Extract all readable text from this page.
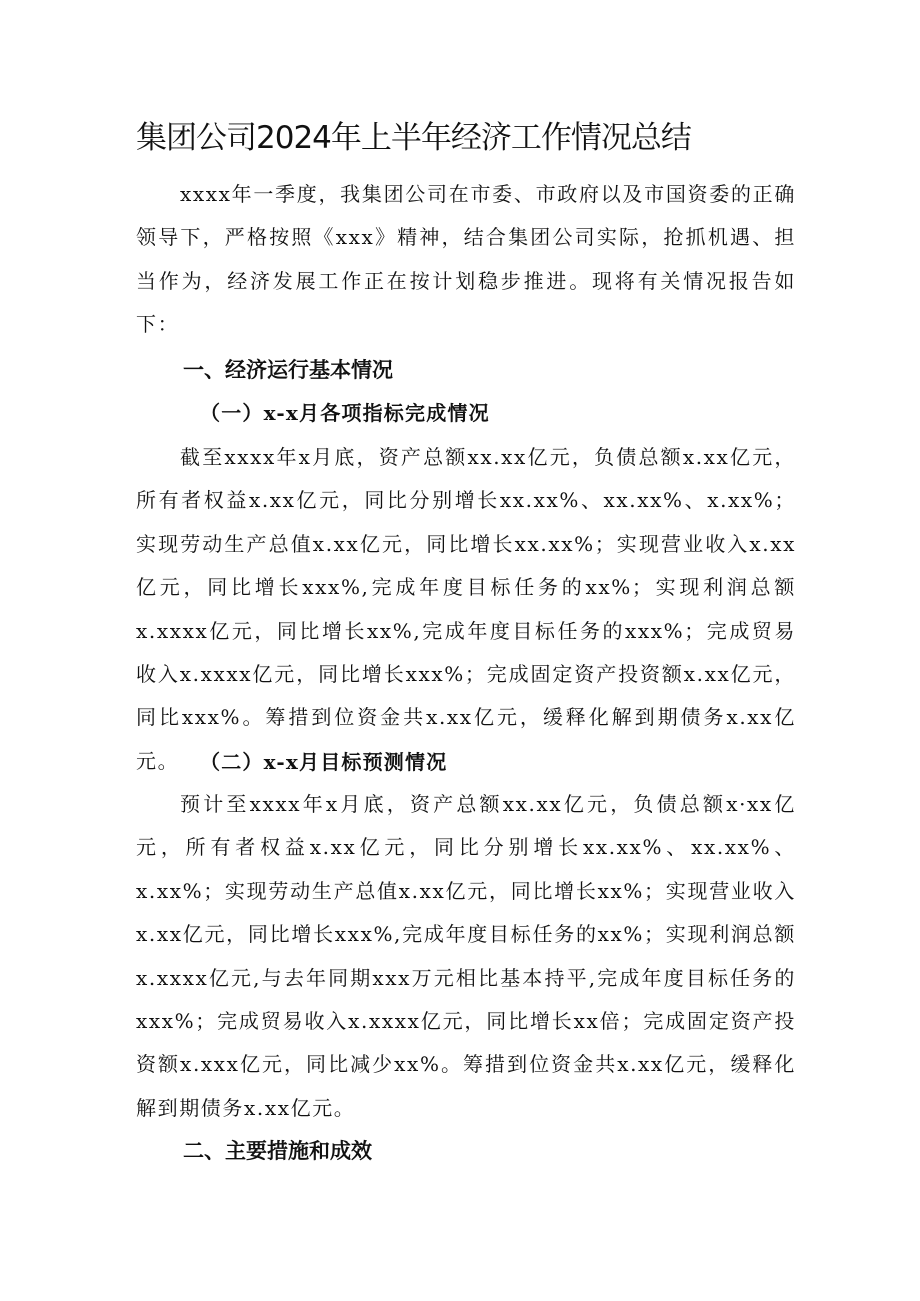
集团公司2024年上半年经济工作情况总结

xxxx年一季度，我集团公司在市委、市政府以及市国资委的正确领导下，严格按照《xxx》精神，结合集团公司实际，抢抓机遇、担当作为，经济发展工作正在按计划稳步推进。现将有关情况报告如下：

一、经济运行基本情况
（一）x-x月各项指标完成情况

截至xxxx年x月底，资产总额xx.xx亿元，负债总额x.xx亿元，所有者权益x.xx亿元，同比分别增长xx.xx%、xx.xx%、x.xx%；实现劳动生产总值x.xx亿元，同比增长xx.xx%；实现营业收入x.xx亿元，同比增长xxx%,完成年度目标任务的xx%；实现利润总额x.xxxx亿元，同比增长xx%,完成年度目标任务的xxx%；完成贸易收入x.xxxx亿元，同比增长xxx%；完成固定资产投资额x.xx亿元，同比xxx%。筹措到位资金共x.xx亿元，缓释化解到期债务x.xx亿元。	（二）x-x月目标预测情况

预计至xxxx年x月底，资产总额xx.xx亿元，负债总额x·xx亿元，所有者权益x.xx亿元，同比分别增长xx.xx%、xx.xx%、x.xx%；实现劳动生产总值x.xx亿元，同比增长xx%；实现营业收入x.xx亿元，同比增长xxx%,完成年度目标任务的xx%；实现利润总额x.xxxx亿元,与去年同期xxx万元相比基本持平,完成年度目标任务的xxx%；完成贸易收入x.xxxx亿元，同比增长xx倍；完成固定资产投资额x.xxx亿元，同比减少xx%。筹措到位资金共x.xx亿元，缓释化解到期债务x.xx亿元。

二、主要措施和成效
